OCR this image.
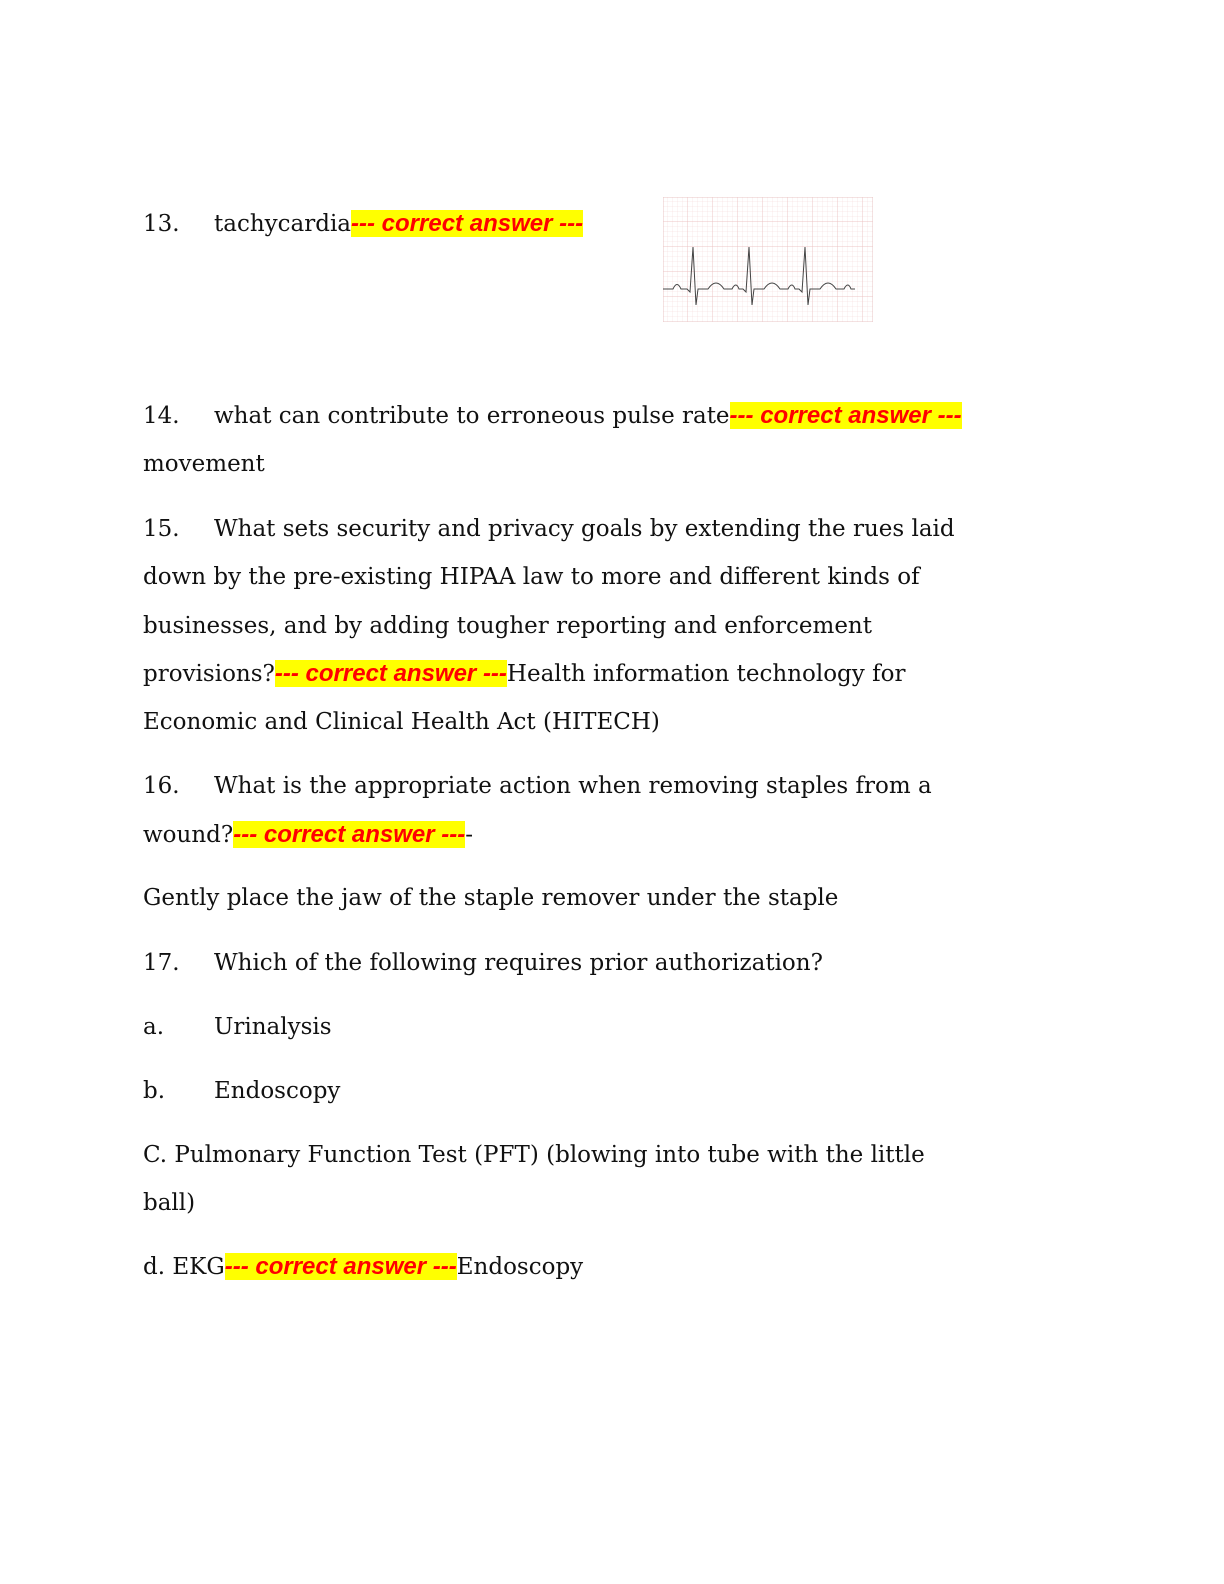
13. tachycardia--- correct answer ---
14. what can contribute to erroneous pulse rate--- correct answer ---
movement
15. What sets security and privacy goals by extending the rues laid
down by the pre-existing HIPAA law to more and different kinds of
businesses, and by adding tougher reporting and enforcement
provisions?--- correct answer ---Health information technology for
Economic and Clinical Health Act (HITECH)
16. What is the appropriate action when removing staples from a
wound?--- correct answer ----
Gently place the jaw of the staple remover under the staple
17. Which of the following requires prior authorization?
a. Urinalysis
b. Endoscopy
C. Pulmonary Function Test (PFT) (blowing into tube with the little
ball)
d. EKG--- correct answer ---Endoscopy
